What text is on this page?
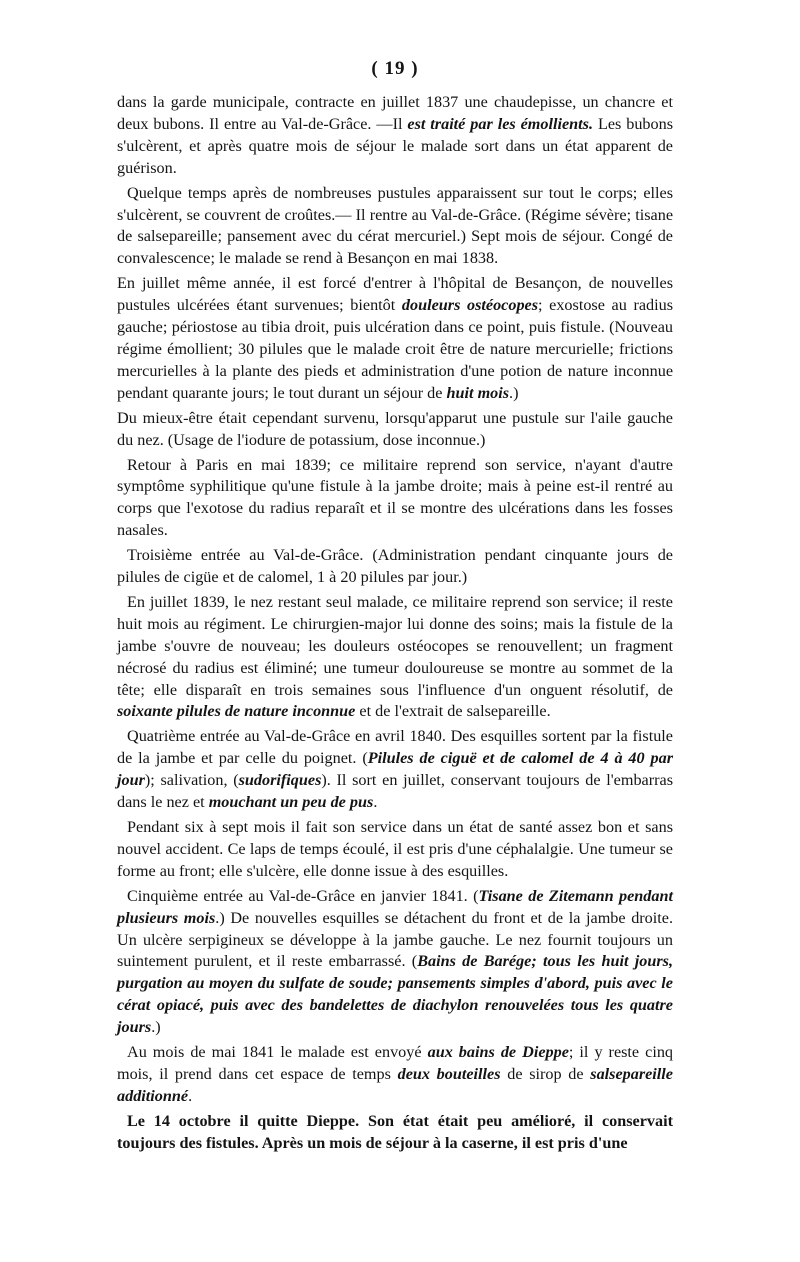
( 19 )

dans la garde municipale, contracte en juillet 1837 une chaudepisse, un chancre et deux bubons. Il entre au Val-de-Grâce. —Il est traité par les émollients. Les bubons s'ulcèrent, et après quatre mois de séjour le malade sort dans un état apparent de guérison.

Quelque temps après de nombreuses pustules apparaissent sur tout le corps; elles s'ulcèrent, se couvrent de croûtes.— Il rentre au Val-de-Grâce. (Régime sévère; tisane de salsepareille; pansement avec du cérat mercuriel.) Sept mois de séjour. Congé de convalescence; le malade se rend à Besançon en mai 1838.

En juillet même année, il est forcé d'entrer à l'hôpital de Besançon, de nouvelles pustules ulcérées étant survenues; bientôt douleurs ostéocopes; exostose au radius gauche; périostose au tibia droit, puis ulcération dans ce point, puis fistule. (Nouveau régime émollient; 30 pilules que le malade croit être de nature mercurielle; frictions mercurielles à la plante des pieds et administration d'une potion de nature inconnue pendant quarante jours; le tout durant un séjour de huit mois.)

Du mieux-être était cependant survenu, lorsqu'apparut une pustule sur l'aile gauche du nez. (Usage de l'iodure de potassium, dose inconnue.)

Retour à Paris en mai 1839; ce militaire reprend son service, n'ayant d'autre symptôme syphilitique qu'une fistule à la jambe droite; mais à peine est-il rentré au corps que l'exotose du radius reparaît et il se montre des ulcérations dans les fosses nasales.

Troisième entrée au Val-de-Grâce. (Administration pendant cinquante jours de pilules de cigüe et de calomel, 1 à 20 pilules par jour.)

En juillet 1839, le nez restant seul malade, ce militaire reprend son service; il reste huit mois au régiment. Le chirurgien-major lui donne des soins; mais la fistule de la jambe s'ouvre de nouveau; les douleurs ostéocopes se renouvellent; un fragment nécrosé du radius est éliminé; une tumeur douloureuse se montre au sommet de la tête; elle disparaît en trois semaines sous l'influence d'un onguent résolutif, de soixante pilules de nature inconnue et de l'extrait de salsepareille.

Quatrième entrée au Val-de-Grâce en avril 1840. Des esquilles sortent par la fistule de la jambe et par celle du poignet. (Pilules de ciguë et de calomel de 4 à 40 par jour); salivation, (sudorifiques). Il sort en juillet, conservant toujours de l'embarras dans le nez et mouchant un peu de pus.

Pendant six à sept mois il fait son service dans un état de santé assez bon et sans nouvel accident. Ce laps de temps écoulé, il est pris d'une céphalalgie. Une tumeur se forme au front; elle s'ulcère, elle donne issue à des esquilles.

Cinquième entrée au Val-de-Grâce en janvier 1841. (Tisane de Zitemann pendant plusieurs mois.) De nouvelles esquilles se détachent du front et de la jambe droite. Un ulcère serpigineux se développe à la jambe gauche. Le nez fournit toujours un suintement purulent, et il reste embarrassé. (Bains de Barége; tous les huit jours, purgation au moyen du sulfate de soude; pansements simples d'abord, puis avec le cérat opiacé, puis avec des bandelettes de diachylon renouvelées tous les quatre jours.)

Au mois de mai 1841 le malade est envoyé aux bains de Dieppe; il y reste cinq mois, il prend dans cet espace de temps deux bouteilles de sirop de salsepareille additionné.

Le 14 octobre il quitte Dieppe. Son état était peu amélioré, il conservait toujours des fistules. Après un mois de séjour à la caserne, il est pris d'une
